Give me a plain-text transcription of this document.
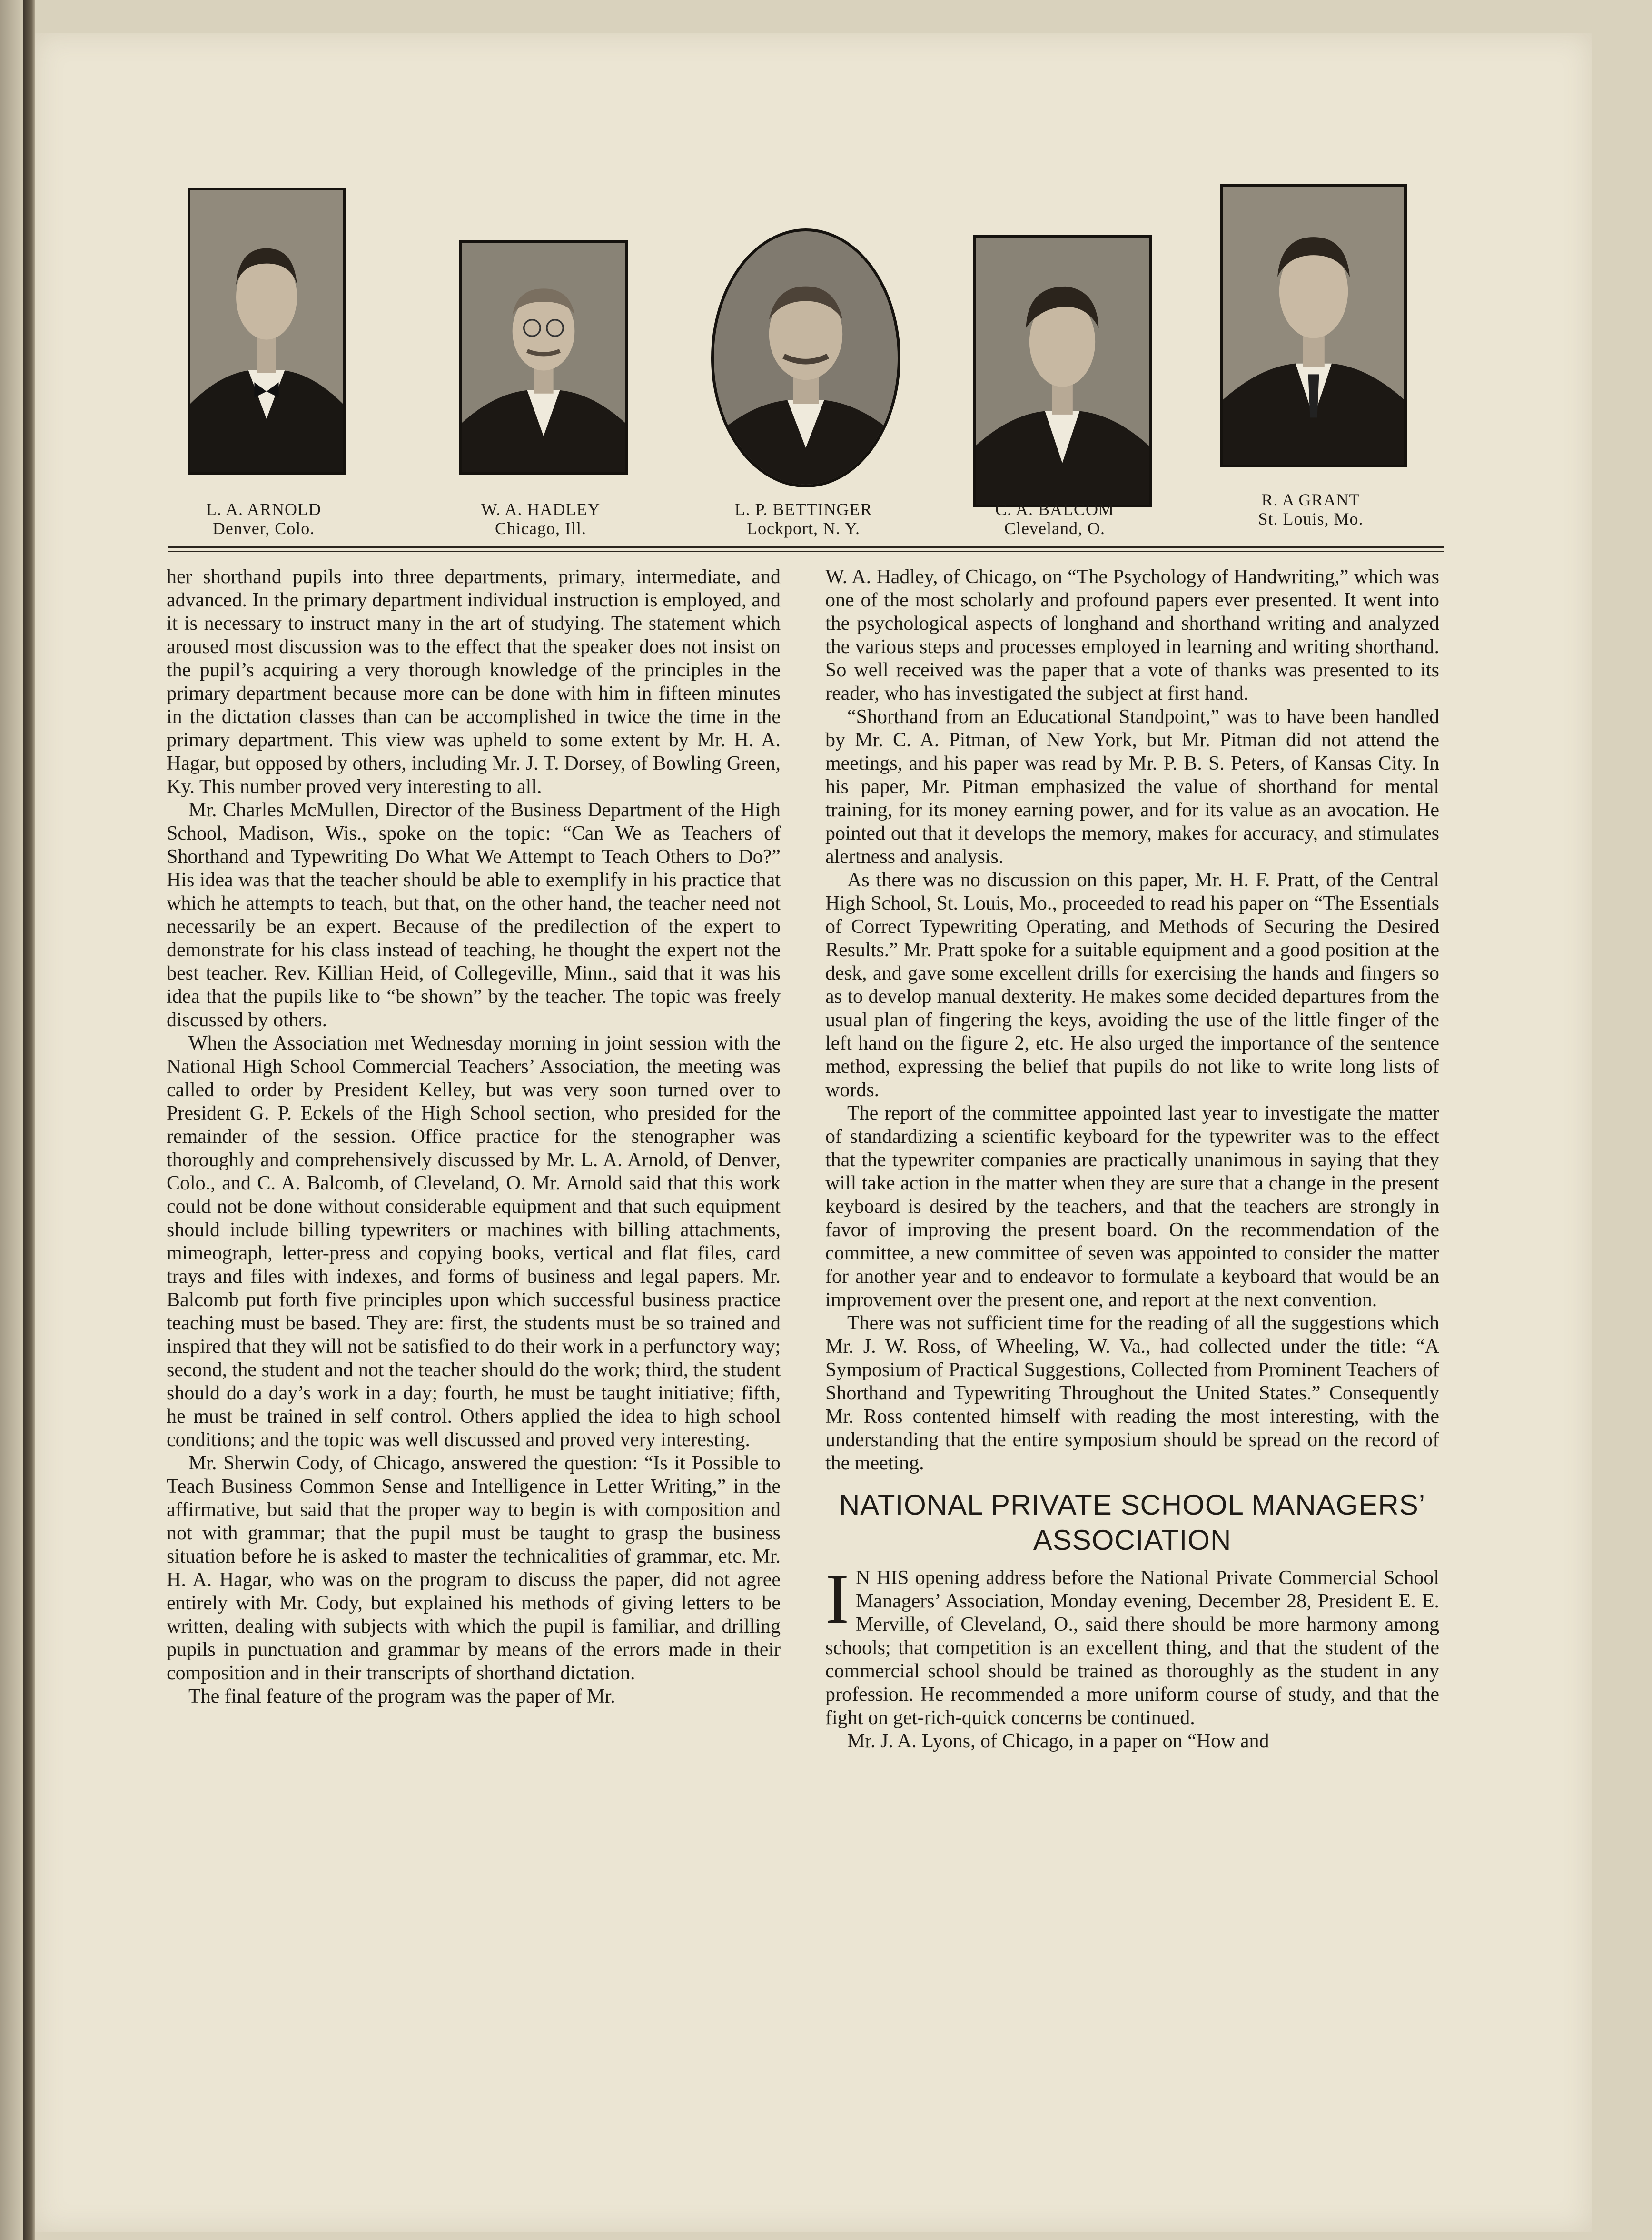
L. A. ARNOLD
Denver, Colo.
W. A. HADLEY
Chicago, Ill.
L. P. BETTINGER
Lockport, N. Y.
C. A. BALCOM
Cleveland, O.
R. A GRANT
St. Louis, Mo.

her shorthand pupils into three departments, primary, intermediate, and advanced. In the primary department individual instruction is employed, and it is necessary to instruct many in the art of studying. The statement which aroused most discussion was to the effect that the speaker does not insist on the pupil’s acquiring a very thorough knowledge of the principles in the primary department because more can be done with him in fifteen minutes in the dictation classes than can be accomplished in twice the time in the primary department. This view was upheld to some extent by Mr. H. A. Hagar, but opposed by others, including Mr. J. T. Dorsey, of Bowling Green, Ky. This number proved very interesting to all.

Mr. Charles McMullen, Director of the Business Department of the High School, Madison, Wis., spoke on the topic: “Can We as Teachers of Shorthand and Typewriting Do What We Attempt to Teach Others to Do?” His idea was that the teacher should be able to exemplify in his practice that which he attempts to teach, but that, on the other hand, the teacher need not necessarily be an expert. Because of the predilection of the expert to demonstrate for his class instead of teaching, he thought the expert not the best teacher. Rev. Killian Heid, of Collegeville, Minn., said that it was his idea that the pupils like to “be shown” by the teacher. The topic was freely discussed by others.

When the Association met Wednesday morning in joint session with the National High School Commercial Teachers’ Association, the meeting was called to order by President Kelley, but was very soon turned over to President G. P. Eckels of the High School section, who presided for the remainder of the session. Office practice for the stenographer was thoroughly and comprehensively discussed by Mr. L. A. Arnold, of Denver, Colo., and C. A. Balcomb, of Cleveland, O. Mr. Arnold said that this work could not be done without considerable equipment and that such equipment should include billing typewriters or machines with billing attachments, mimeograph, letter-press and copying books, vertical and flat files, card trays and files with indexes, and forms of business and legal papers. Mr. Balcomb put forth five principles upon which successful business practice teaching must be based. They are: first, the students must be so trained and inspired that they will not be satisfied to do their work in a perfunctory way; second, the student and not the teacher should do the work; third, the student should do a day’s work in a day; fourth, he must be taught initiative; fifth, he must be trained in self control. Others applied the idea to high school conditions; and the topic was well discussed and proved very interesting.

Mr. Sherwin Cody, of Chicago, answered the question: “Is it Possible to Teach Business Common Sense and Intelligence in Letter Writing,” in the affirmative, but said that the proper way to begin is with composition and not with grammar; that the pupil must be taught to grasp the business situation before he is asked to master the technicalities of grammar, etc. Mr. H. A. Hagar, who was on the program to discuss the paper, did not agree entirely with Mr. Cody, but explained his methods of giving letters to be written, dealing with subjects with which the pupil is familiar, and drilling pupils in punctuation and grammar by means of the errors made in their composition and in their transcripts of shorthand dictation.

The final feature of the program was the paper of Mr.

W. A. Hadley, of Chicago, on “The Psychology of Handwriting,” which was one of the most scholarly and profound papers ever presented. It went into the psychological aspects of longhand and shorthand writing and analyzed the various steps and processes employed in learning and writing shorthand. So well received was the paper that a vote of thanks was presented to its reader, who has investigated the subject at first hand.

“Shorthand from an Educational Standpoint,” was to have been handled by Mr. C. A. Pitman, of New York, but Mr. Pitman did not attend the meetings, and his paper was read by Mr. P. B. S. Peters, of Kansas City. In his paper, Mr. Pitman emphasized the value of shorthand for mental training, for its money earning power, and for its value as an avocation. He pointed out that it develops the memory, makes for accuracy, and stimulates alertness and analysis.

As there was no discussion on this paper, Mr. H. F. Pratt, of the Central High School, St. Louis, Mo., proceeded to read his paper on “The Essentials of Correct Typewriting Operating, and Methods of Securing the Desired Results.” Mr. Pratt spoke for a suitable equipment and a good position at the desk, and gave some excellent drills for exercising the hands and fingers so as to develop manual dexterity. He makes some decided departures from the usual plan of fingering the keys, avoiding the use of the little finger of the left hand on the figure 2, etc. He also urged the importance of the sentence method, expressing the belief that pupils do not like to write long lists of words.

The report of the committee appointed last year to investigate the matter of standardizing a scientific keyboard for the typewriter was to the effect that the typewriter companies are practically unanimous in saying that they will take action in the matter when they are sure that a change in the present keyboard is desired by the teachers, and that the teachers are strongly in favor of improving the present board. On the recommendation of the committee, a new committee of seven was appointed to consider the matter for another year and to endeavor to formulate a keyboard that would be an improvement over the present one, and report at the next convention.

There was not sufficient time for the reading of all the suggestions which Mr. J. W. Ross, of Wheeling, W. Va., had collected under the title: “A Symposium of Practical Suggestions, Collected from Prominent Teachers of Shorthand and Typewriting Throughout the United States.” Consequently Mr. Ross contented himself with reading the most interesting, with the understanding that the entire symposium should be spread on the record of the meeting.

NATIONAL PRIVATE SCHOOL MANAGERS’ ASSOCIATION

I N HIS opening address before the National Private Commercial School Managers’ Association, Monday evening, December 28, President E. E. Merville, of Cleveland, O., said there should be more harmony among schools; that competition is an excellent thing, and that the student of the commercial school should be trained as thoroughly as the student in any profession. He recommended a more uniform course of study, and that the fight on get-rich-quick concerns be continued.

Mr. J. A. Lyons, of Chicago, in a paper on “How and
